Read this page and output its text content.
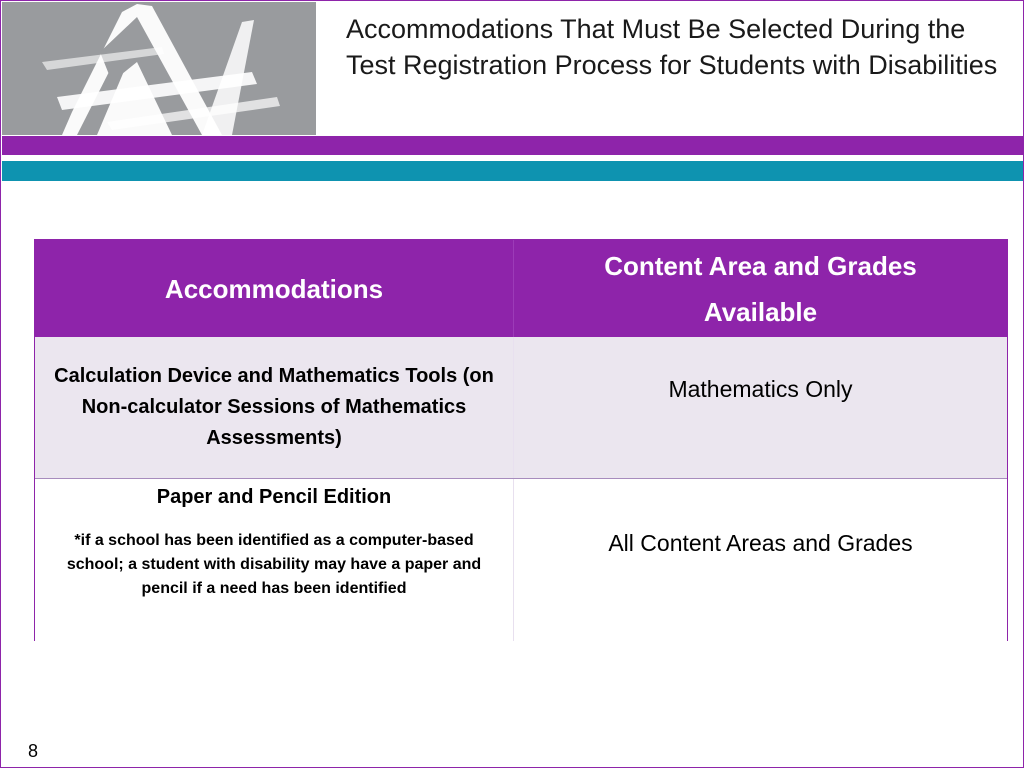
Accommodations That Must Be Selected During the Test Registration Process for Students with Disabilities
Accommodations
Content Area and Grades Available
Calculation Device and Mathematics Tools (on Non-calculator Sessions of Mathematics Assessments)
Mathematics Only
Paper and Pencil Edition
*if a school has been identified as a computer-based school; a student with disability may have a paper and pencil if a need has been identified
All Content Areas and Grades
8
